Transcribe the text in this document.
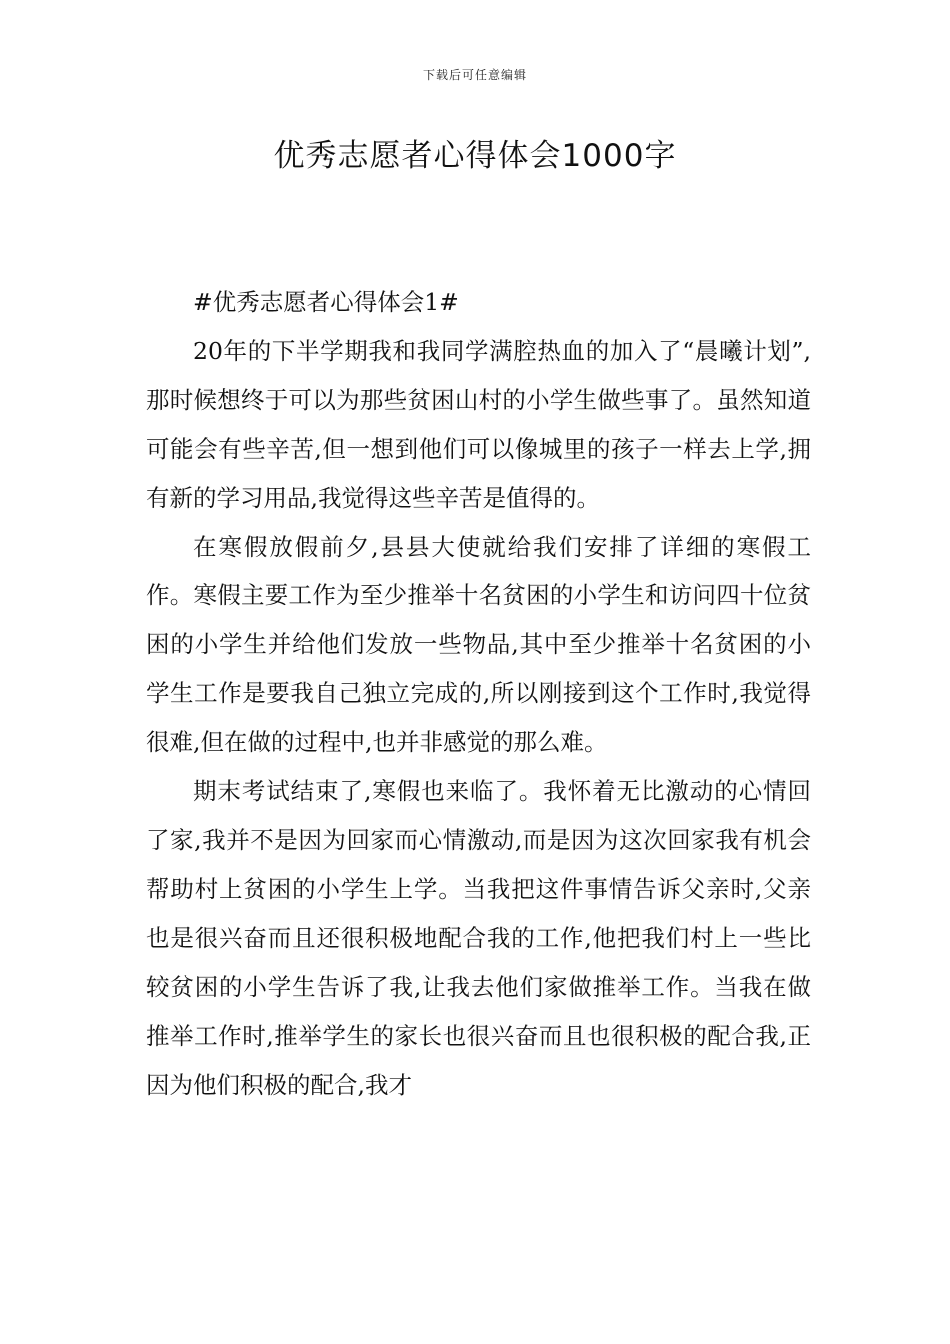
下载后可任意编辑
优秀志愿者心得体会1000字

#优秀志愿者心得体会1#

20年的下半学期我和我同学满腔热血的加入了“晨曦计划”,那时候想终于可以为那些贫困山村的小学生做些事了。虽然知道可能会有些辛苦,但一想到他们可以像城里的孩子一样去上学,拥有新的学习用品,我觉得这些辛苦是值得的。

在寒假放假前夕,县县大使就给我们安排了详细的寒假工作。寒假主要工作为至少推举十名贫困的小学生和访问四十位贫困的小学生并给他们发放一些物品,其中至少推举十名贫困的小学生工作是要我自己独立完成的,所以刚接到这个工作时,我觉得很难,但在做的过程中,也并非感觉的那么难。

期末考试结束了,寒假也来临了。我怀着无比激动的心情回了家,我并不是因为回家而心情激动,而是因为这次回家我有机会帮助村上贫困的小学生上学。当我把这件事情告诉父亲时,父亲也是很兴奋而且还很积极地配合我的工作,他把我们村上一些比较贫困的小学生告诉了我,让我去他们家做推举工作。当我在做推举工作时,推举学生的家长也很兴奋而且也很积极的配合我,正因为他们积极的配合,我才
